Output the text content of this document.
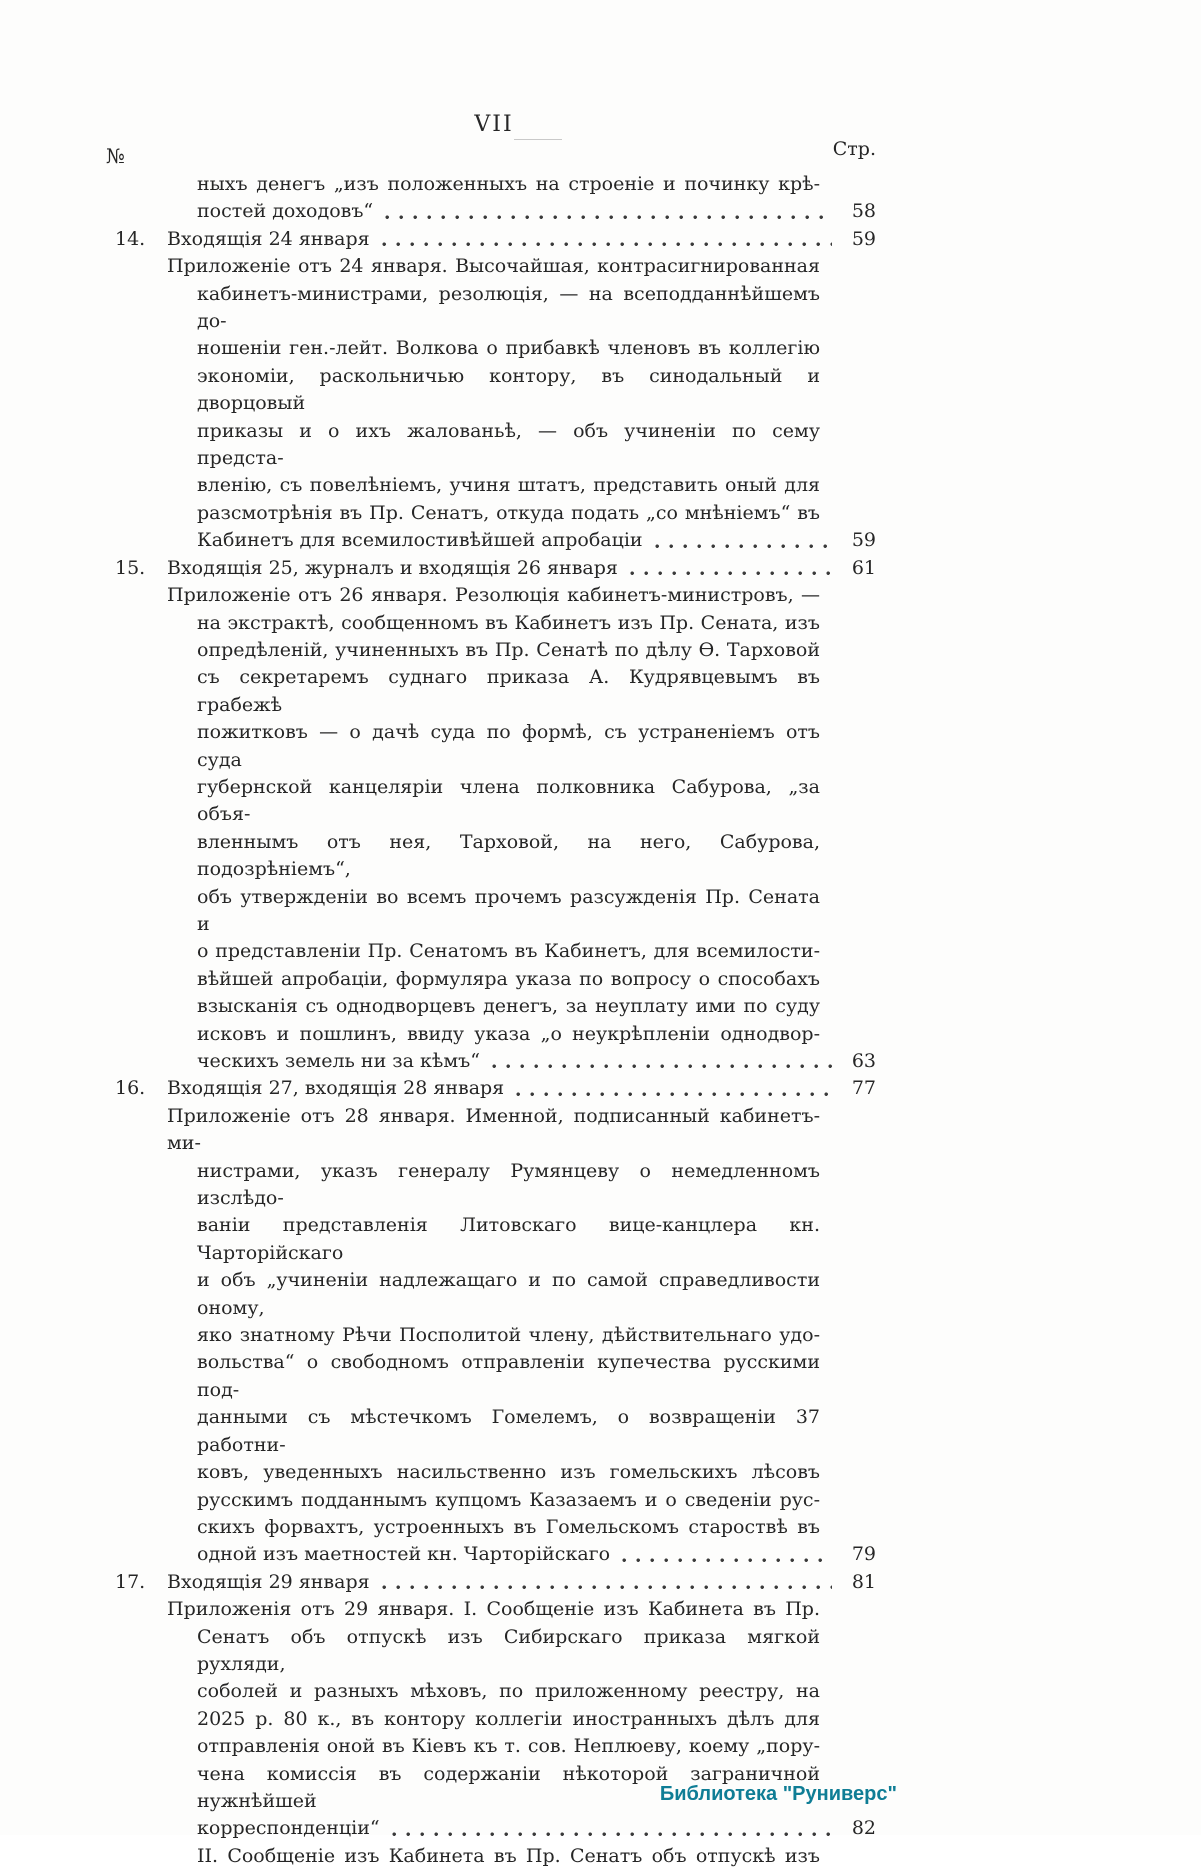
№
VII
Стр.
ныхъ денегъ „изъ положенныхъ на строеніе и починку крѣ-
постей доходовъ“	58
14. Входящія 24 января	59
Приложеніе отъ 24 января. Высочайшая, контрасигнированная
кабинетъ-министрами, резолюція, — на всеподданнѣйшемъ до-
ношеніи ген.-лейт. Волкова о прибавкѣ членовъ въ коллегію
экономіи, раскольничью контору, въ синодальный и дворцовый
приказы и о ихъ жалованьѣ, — объ учиненіи по сему предста-
вленію, съ повелѣніемъ, учиня штатъ, представить оный для
разсмотрѣнія въ Пр. Сенатъ, откуда подать „со мнѣніемъ“ въ
Кабинетъ для всемилостивѣйшей апробаціи	59
15. Входящія 25, журналъ и входящія 26 января	61
Приложеніе отъ 26 января. Резолюція кабинетъ-министровъ, —
на экстрактѣ, сообщенномъ въ Кабинетъ изъ Пр. Сената, изъ
опредѣленій, учиненныхъ въ Пр. Сенатѣ по дѣлу Ѳ. Тарховой
съ секретаремъ суднаго приказа А. Кудрявцевымъ въ грабежѣ
пожитковъ — о дачѣ суда по формѣ, съ устраненіемъ отъ суда
губернской канцеляріи члена полковника Сабурова, „за объя-
вленнымъ отъ нея, Тарховой, на него, Сабурова, подозрѣніемъ“,
объ утвержденіи во всемъ прочемъ разсужденія Пр. Сената и
о представленіи Пр. Сенатомъ въ Кабинетъ, для всемилости-
вѣйшей апробаціи, формуляра указа по вопросу о способахъ
взысканія съ однодворцевъ денегъ, за неуплату ими по суду
исковъ и пошлинъ, ввиду указа „о неукрѣпленіи однодвор-
ческихъ земель ни за кѣмъ“	63
16. Входящія 27, входящія 28 января	77
Приложеніе отъ 28 января. Именной, подписанный кабинетъ-ми-
нистрами, указъ генералу Румянцеву о немедленномъ изслѣдо-
ваніи представленія Литовскаго вице-канцлера кн. Чарторійскаго
и объ „учиненіи надлежащаго и по самой справедливости оному,
яко знатному Рѣчи Посполитой члену, дѣйствительнаго удо-
вольства“ о свободномъ отправленіи купечества русскими под-
данными съ мѣстечкомъ Гомелемъ, о возвращеніи 37 работни-
ковъ, уведенныхъ насильственно изъ гомельскихъ лѣсовъ
русскимъ подданнымъ купцомъ Казазаемъ и о сведеніи рус-
скихъ форвахтъ, устроенныхъ въ Гомельскомъ староствѣ въ
одной изъ маетностей кн. Чарторійскаго	79
17. Входящія 29 января	81
Приложенія отъ 29 января. I. Сообщеніе изъ Кабинета въ Пр.
Сенатъ объ отпускѣ изъ Сибирскаго приказа мягкой рухляди,
соболей и разныхъ мѣховъ, по приложенному реестру, на
2025 р. 80 к., въ контору коллегіи иностранныхъ дѣлъ для
отправленія оной въ Кіевъ къ т. сов. Неплюеву, коему „пору-
чена комиссія въ содержаніи нѣкоторой заграничной нужнѣйшей
корреспонденціи“	82
II. Сообщеніе изъ Кабинета въ Пр. Сенатъ объ отпускѣ изъ
Библиотека "Руниверс"
